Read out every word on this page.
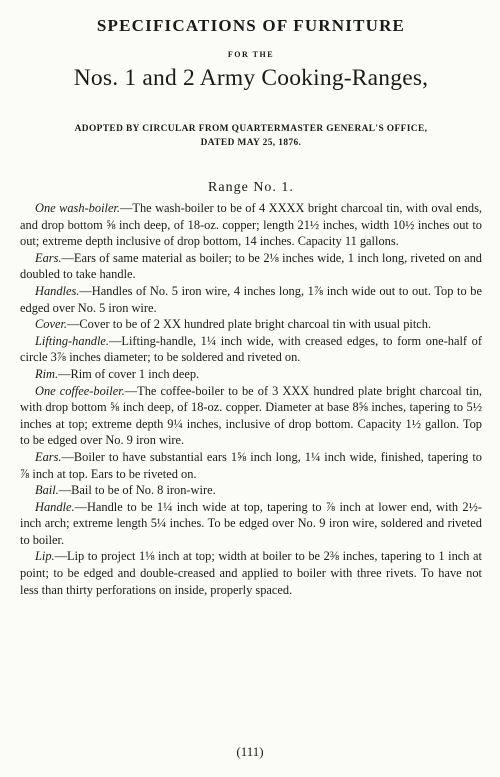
SPECIFICATIONS OF FURNITURE
FOR THE
Nos. 1 and 2 Army Cooking-Ranges,
ADOPTED BY CIRCULAR FROM QUARTERMASTER GENERAL'S OFFICE,
DATED MAY 25, 1876.
Range No. 1.

One wash-boiler.—The wash-boiler to be of 4 XXXX bright charcoal tin, with oval ends, and drop bottom ⅝ inch deep, of 18-oz. copper; length 21½ inches, width 10½ inches out to out; extreme depth inclusive of drop bottom, 14 inches. Capacity 11 gallons.

Ears.—Ears of same material as boiler; to be 2⅛ inches wide, 1 inch long, riveted on and doubled to take handle.

Handles.—Handles of No. 5 iron wire, 4 inches long, 1⅞ inch wide out to out. Top to be edged over No. 5 iron wire.

Cover.—Cover to be of 2 XX hundred plate bright charcoal tin with usual pitch.

Lifting-handle.—Lifting-handle, 1¼ inch wide, with creased edges, to form one-half of circle 3⅞ inches diameter; to be soldered and riveted on.

Rim.—Rim of cover 1 inch deep.

One coffee-boiler.—The coffee-boiler to be of 3 XXX hundred plate bright charcoal tin, with drop bottom ⅝ inch deep, of 18-oz. copper. Diameter at base 8⅝ inches, tapering to 5½ inches at top; extreme depth 9¼ inches, inclusive of drop bottom. Capacity 1½ gallon. Top to be edged over No. 9 iron wire.

Ears.—Boiler to have substantial ears 1⅝ inch long, 1¼ inch wide, finished, tapering to ⅞ inch at top. Ears to be riveted on.

Bail.—Bail to be of No. 8 iron-wire.

Handle.—Handle to be 1¼ inch wide at top, tapering to ⅞ inch at lower end, with 2½-inch arch; extreme length 5¼ inches. To be edged over No. 9 iron wire, soldered and riveted to boiler.

Lip.—Lip to project 1⅛ inch at top; width at boiler to be 2⅜ inches, tapering to 1 inch at point; to be edged and double-creased and applied to boiler with three rivets. To have not less than thirty perforations on inside, properly spaced.

(111)
